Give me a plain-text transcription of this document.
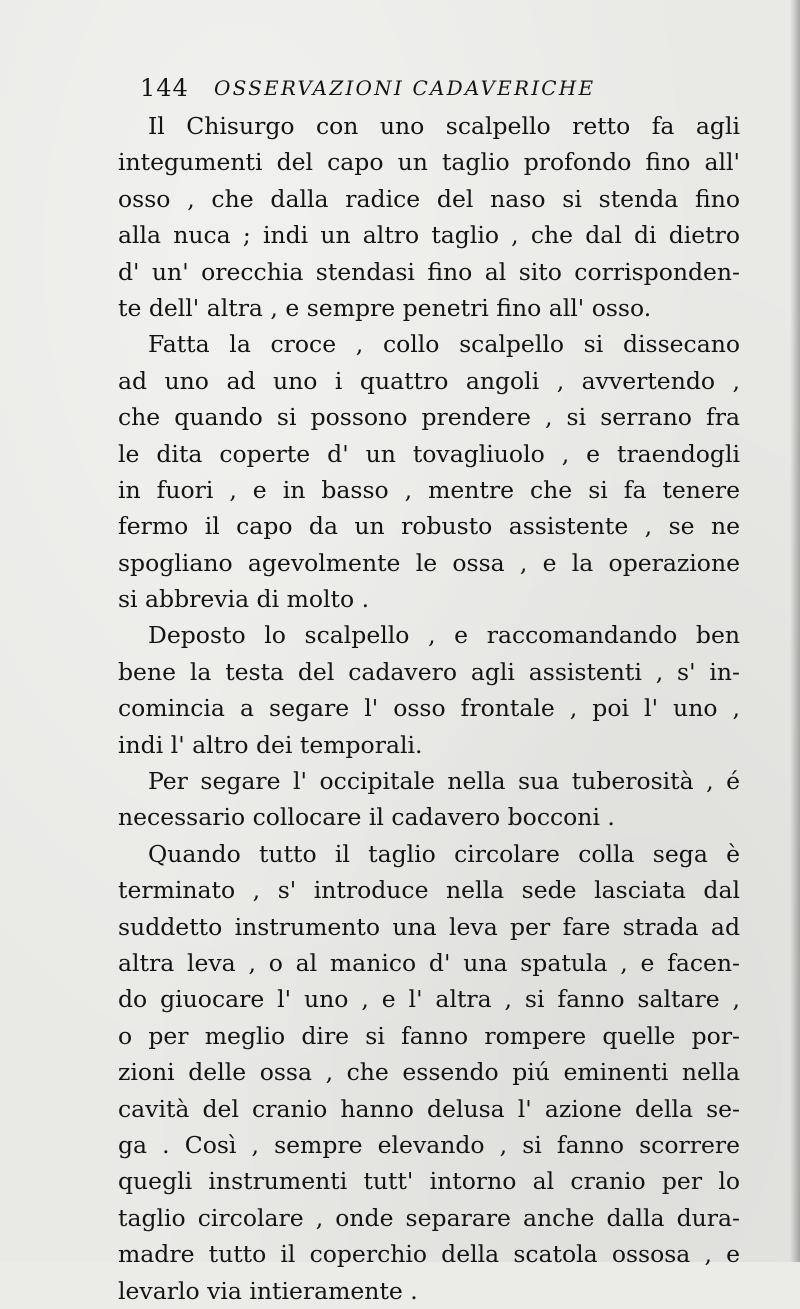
144 OSSERVAZIONI CADAVERICHE
Il Chisurgo con uno scalpello retto fa agli
integumenti del capo un taglio profondo fino all'
osso , che dalla radice del naso si stenda fino
alla nuca ; indi un altro taglio , che dal di dietro
d' un' orecchia stendasi fino al sito corrisponden-
te dell' altra , e sempre penetri fino all' osso.
Fatta la croce , collo scalpello si dissecano
ad uno ad uno i quattro angoli , avvertendo ,
che quando si possono prendere , si serrano fra
le dita coperte d' un tovagliuolo , e traendogli
in fuori , e in basso , mentre che si fa tenere
fermo il capo da un robusto assistente , se ne
spogliano agevolmente le ossa , e la operazione
si abbrevia di molto .
Deposto lo scalpello , e raccomandando ben
bene la testa del cadavero agli assistenti , s' in-
comincia a segare l' osso frontale , poi l' uno ,
indi l' altro dei temporali.
Per segare l' occipitale nella sua tuberosità , é
necessario collocare il cadavero bocconi .
Quando tutto il taglio circolare colla sega è
terminato , s' introduce nella sede lasciata dal
suddetto instrumento una leva per fare strada ad
altra leva , o al manico d' una spatula , e facen-
do giuocare l' uno , e l' altra , si fanno saltare ,
o per meglio dire si fanno rompere quelle por-
zioni delle ossa , che essendo piú eminenti nella
cavità del cranio hanno delusa l' azione della se-
ga . Così , sempre elevando , si fanno scorrere
quegli instrumenti tutt' intorno al cranio per lo
taglio circolare , onde separare anche dalla dura-
madre tutto il coperchio della scatola ossosa , e
levarlo via intieramente .
